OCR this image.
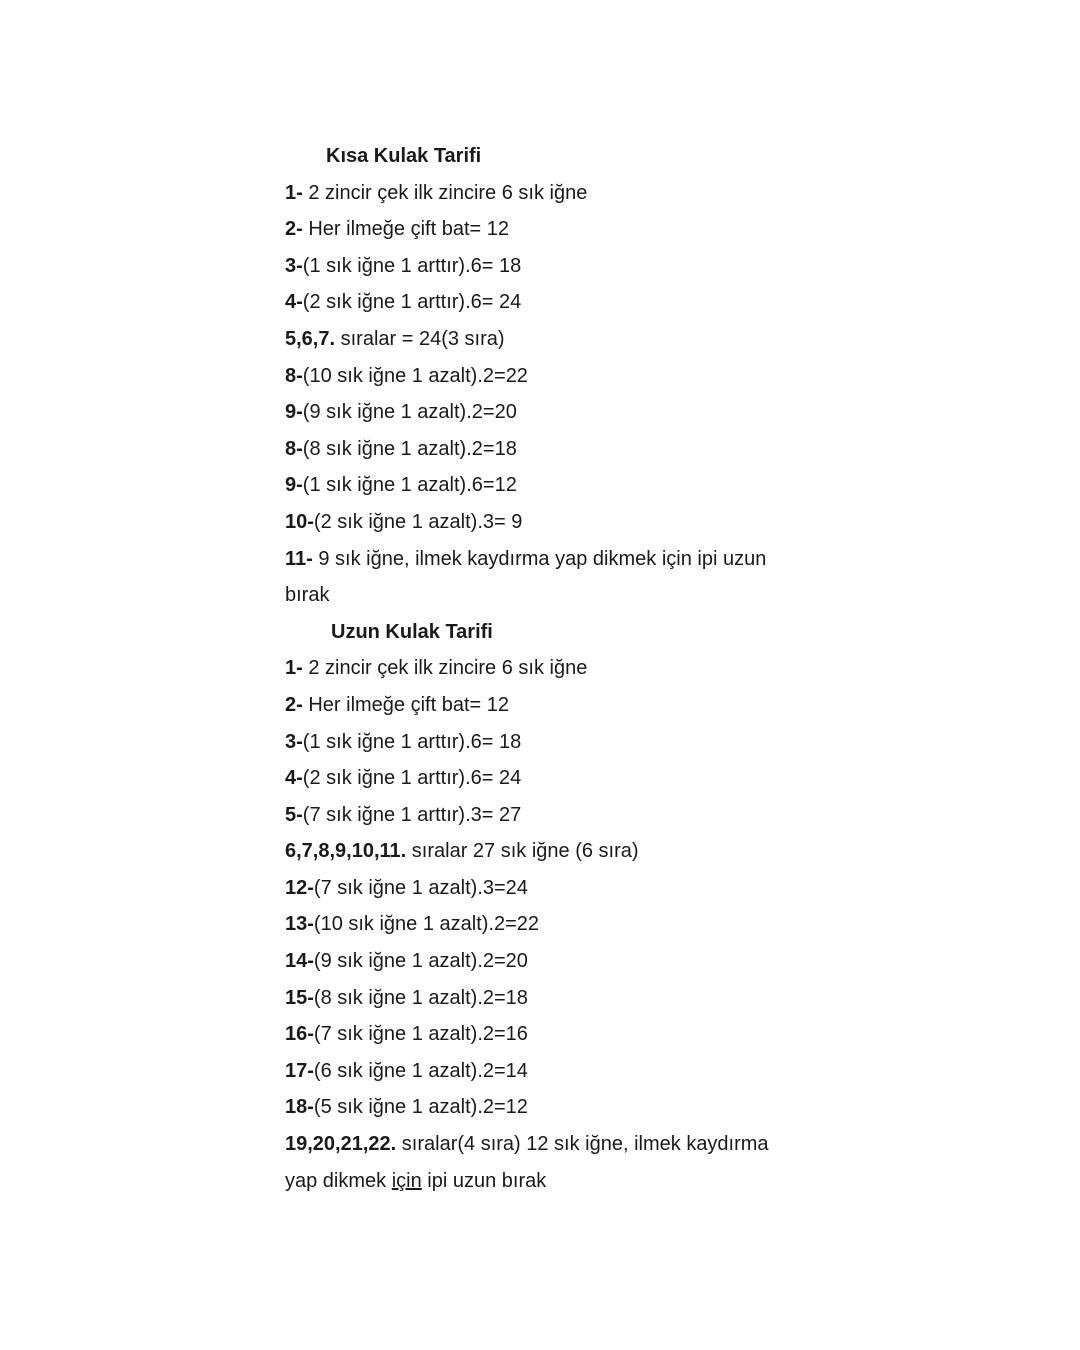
Kısa Kulak Tarifi

1- 2 zincir çek ilk zincire 6 sık iğne

2- Her ilmeğe çift bat= 12

3-(1 sık iğne 1 arttır).6= 18

4-(2 sık iğne 1 arttır).6= 24

5,6,7. sıralar = 24(3 sıra)

8-(10 sık iğne 1 azalt).2=22

9-(9 sık iğne 1 azalt).2=20

8-(8 sık iğne 1 azalt).2=18

9-(1 sık iğne 1 azalt).6=12

10-(2 sık iğne 1 azalt).3= 9

11- 9 sık iğne, ilmek kaydırma yap dikmek için ipi uzun

bırak

Uzun Kulak Tarifi

1- 2 zincir çek ilk zincire 6 sık iğne

2- Her ilmeğe çift bat= 12

3-(1 sık iğne 1 arttır).6= 18

4-(2 sık iğne 1 arttır).6= 24

5-(7 sık iğne 1 arttır).3= 27

6,7,8,9,10,11. sıralar 27 sık iğne (6 sıra)

12-(7 sık iğne 1 azalt).3=24

13-(10 sık iğne 1 azalt).2=22

14-(9 sık iğne 1 azalt).2=20

15-(8 sık iğne 1 azalt).2=18

16-(7 sık iğne 1 azalt).2=16

17-(6 sık iğne 1 azalt).2=14

18-(5 sık iğne 1 azalt).2=12

19,20,21,22. sıralar(4 sıra) 12 sık iğne, ilmek kaydırma

yap dikmek için ipi uzun bırak
